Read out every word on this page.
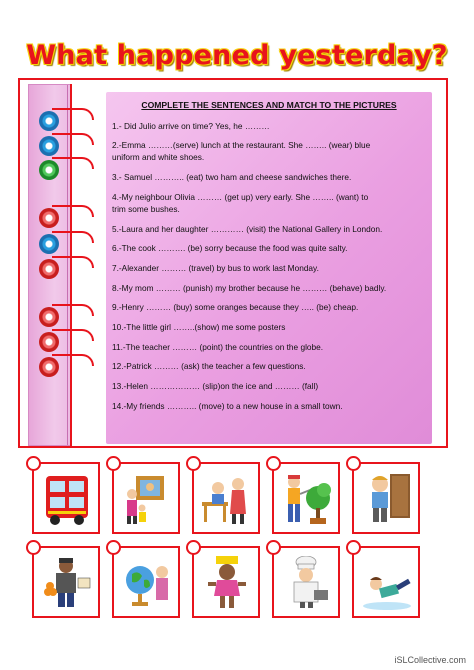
What happened yesterday?
COMPLETE THE SENTENCES AND MATCH TO THE PICTURES
1.- Did Julio arrive on time? Yes, he ………
2.-Emma ………(serve) lunch at the restaurant. She …….. (wear) blue
uniform and white shoes.
3.- Samuel ……….. (eat) two ham and cheese sandwiches there.
4.-My neighbour Olivia ……… (get up) very early. She …….. (want) to
trim some bushes.
5.-Laura and her daughter ………… (visit) the National Gallery in London.
6.-The cook ………. (be) sorry because the food was quite salty.
7.-Alexander ……… (travel) by bus to work last Monday.
8.-My mom ……… (punish) my brother because he ……… (behave) badly.
9.-Henry ……… (buy) some oranges because they ….. (be) cheap.
10.-The little girl ……..(show) me some posters
11.-The teacher ……… (point) the countries on the globe.
12.-Patrick ……… (ask) the teacher a few questions.
13.-Helen ……………… (slip)on the ice and ……… (fall)
14.-My friends ……….. (move) to a new house in a small town.
iSLCollective.com
